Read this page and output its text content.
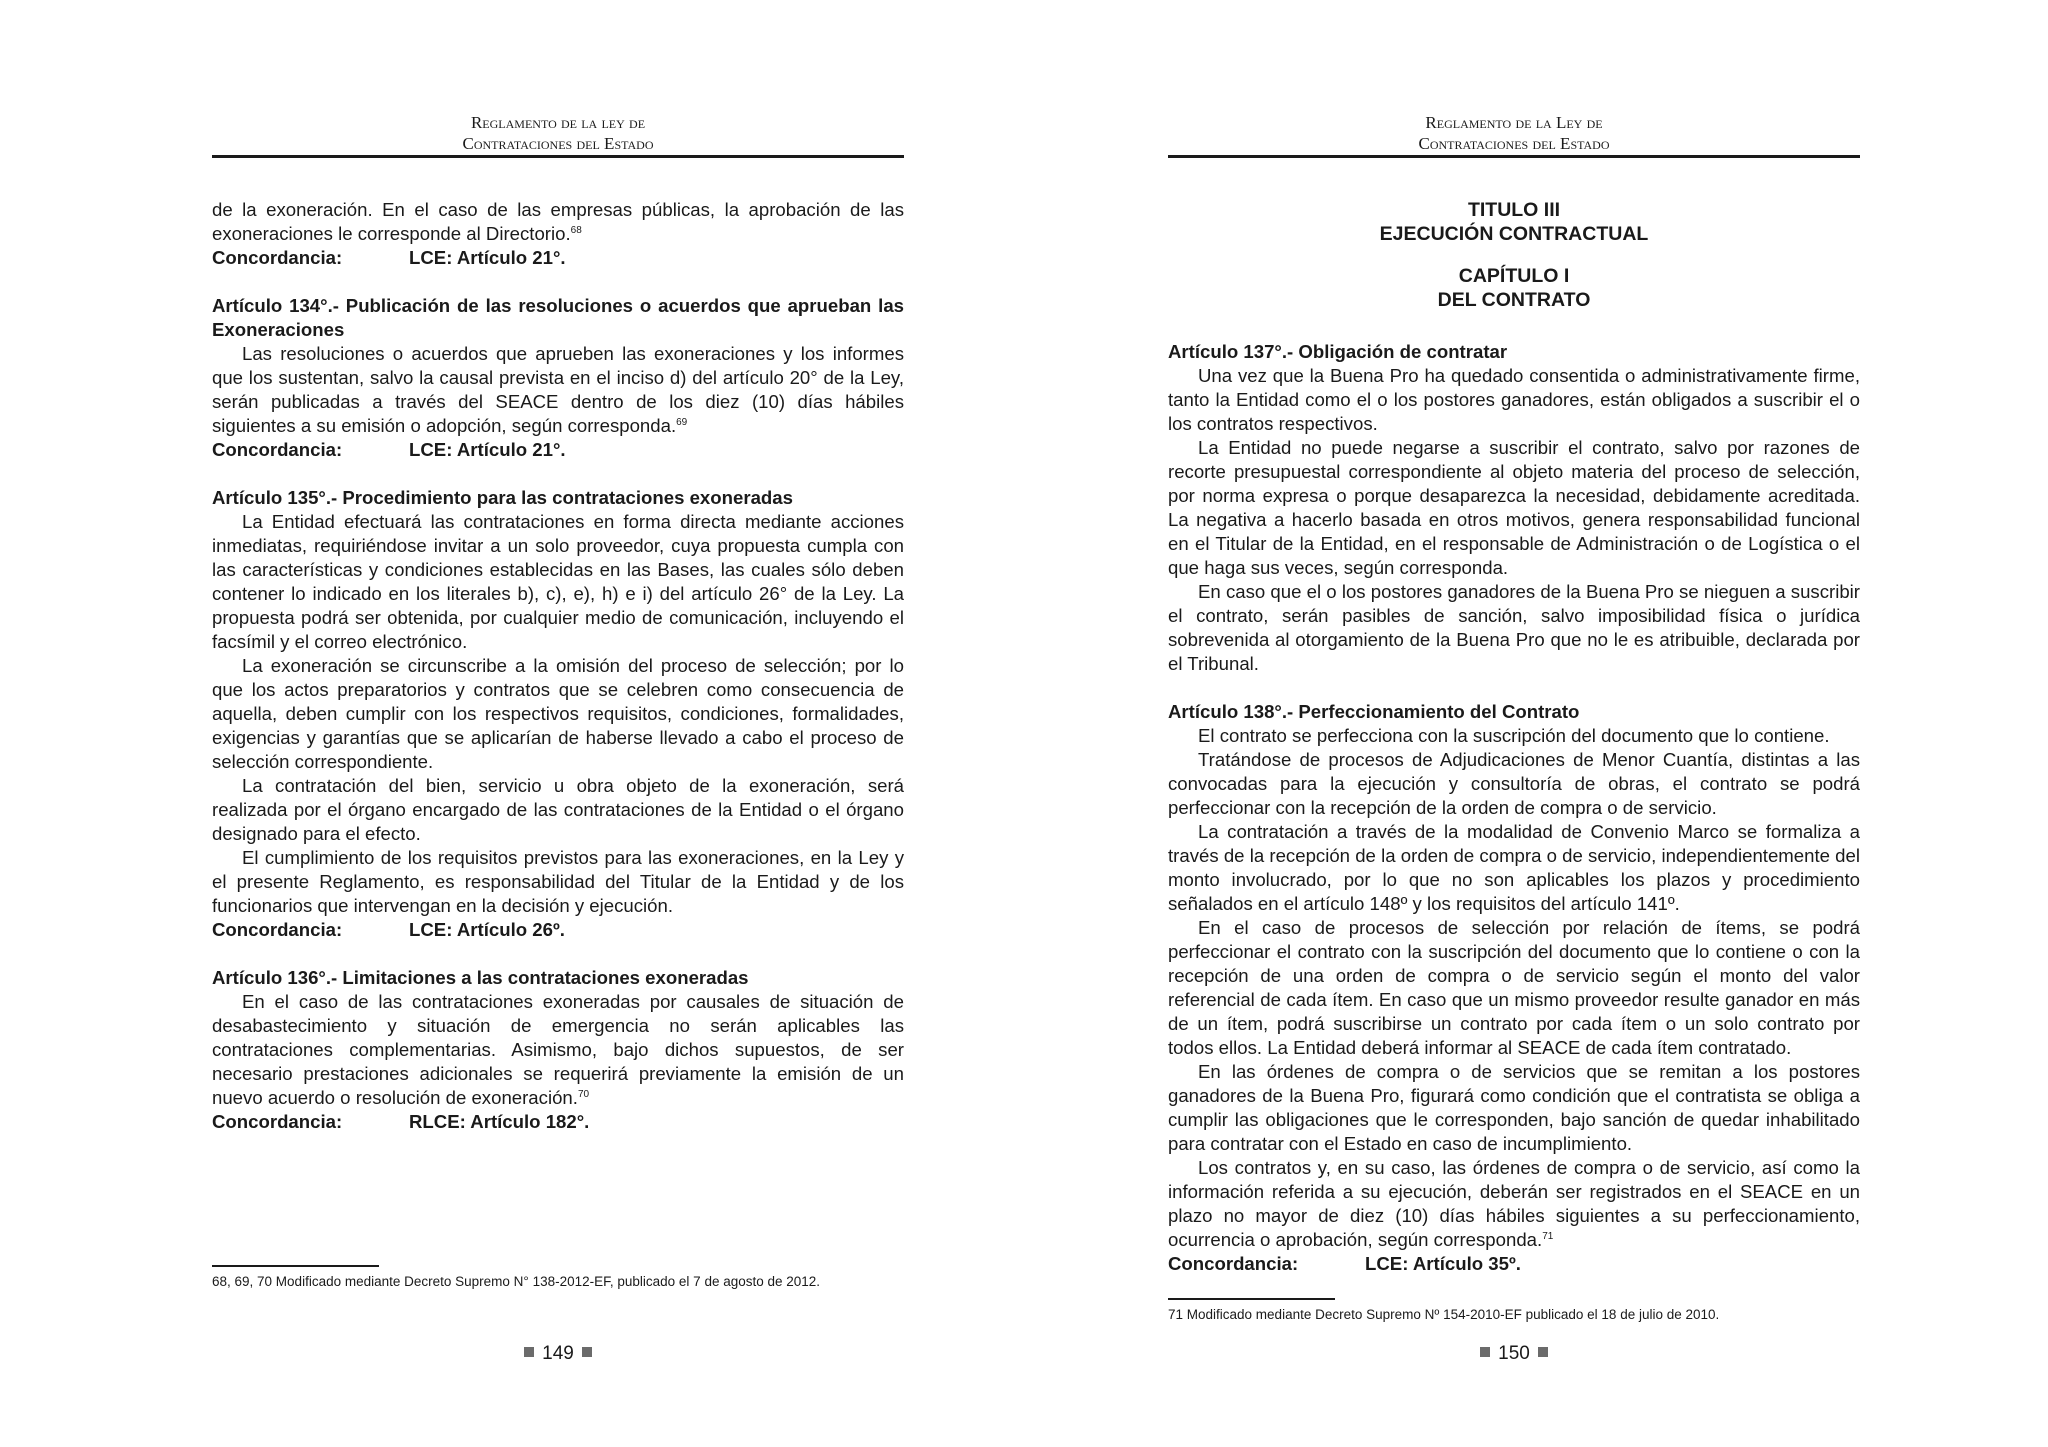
Reglamento de la ley de
Contrataciones del Estado

de la exoneración. En el caso de las empresas públicas, la aprobación de las exoneraciones le corresponde al Directorio.$^{68}$

Concordancia:	LCE: Artículo 21°.
Artículo 134°.- Publicación de las resoluciones o acuerdos que aprueban las Exoneraciones

Las resoluciones o acuerdos que aprueben las exoneraciones y los informes que los sustentan, salvo la causal prevista en el inciso d) del artículo 20° de la Ley, serán publicadas a través del SEACE dentro de los diez (10) días hábiles siguientes a su emisión o adopción, según corresponda.$^{69}$

Concordancia:	LCE: Artículo 21°.
Artículo 135°.- Procedimiento para las contrataciones exoneradas

La Entidad efectuará las contrataciones en forma directa mediante acciones inmediatas, requiriéndose invitar a un solo proveedor, cuya propuesta cumpla con las características y condiciones establecidas en las Bases, las cuales sólo deben contener lo indicado en los literales b), c), e), h) e i) del artículo 26° de la Ley. La propuesta podrá ser obtenida, por cualquier medio de comunicación, incluyendo el facsímil y el correo electrónico.

La exoneración se circunscribe a la omisión del proceso de selección; por lo que los actos preparatorios y contratos que se celebren como consecuencia de aquella, deben cumplir con los respectivos requisitos, condiciones, formalidades, exigencias y garantías que se aplicarían de haberse llevado a cabo el proceso de selección correspondiente.

La contratación del bien, servicio u obra objeto de la exoneración, será realizada por el órgano encargado de las contrataciones de la Entidad o el órgano designado para el efecto.

El cumplimiento de los requisitos previstos para las exoneraciones, en la Ley y el presente Reglamento, es responsabilidad del Titular de la Entidad y de los funcionarios que intervengan en la decisión y ejecución.

Concordancia:	LCE: Artículo 26º.
Artículo 136°.- Limitaciones a las contrataciones exoneradas

En el caso de las contrataciones exoneradas por causales de situación de desabastecimiento y situación de emergencia no serán aplicables las contrataciones complementarias. Asimismo, bajo dichos supuestos, de ser necesario prestaciones adicionales se requerirá previamente la emisión de un nuevo acuerdo o resolución de exoneración.$^{70}$

Concordancia:	RLCE: Artículo 182°.
68, 69, 70 Modificado mediante Decreto Supremo N° 138-2012-EF, publicado el 7 de agosto de 2012.
149
Reglamento de la Ley de
Contrataciones del Estado
TITULO III
EJECUCIÓN CONTRACTUAL
CAPÍTULO I
DEL CONTRATO
Artículo 137°.- Obligación de contratar

Una vez que la Buena Pro ha quedado consentida o administrativamente firme, tanto la Entidad como el o los postores ganadores, están obligados a suscribir el o los contratos respectivos.

La Entidad no puede negarse a suscribir el contrato, salvo por razones de recorte presupuestal correspondiente al objeto materia del proceso de selección, por norma expresa o porque desaparezca la necesidad, debidamente acreditada. La negativa a hacerlo basada en otros motivos, genera responsabilidad funcional en el Titular de la Entidad, en el responsable de Administración o de Logística o el que haga sus veces, según corresponda.

En caso que el o los postores ganadores de la Buena Pro se nieguen a suscribir el contrato, serán pasibles de sanción, salvo imposibilidad física o jurídica sobrevenida al otorgamiento de la Buena Pro que no le es atribuible, declarada por el Tribunal.

Artículo 138°.- Perfeccionamiento del Contrato

El contrato se perfecciona con la suscripción del documento que lo contiene.

Tratándose de procesos de Adjudicaciones de Menor Cuantía, distintas a las convocadas para la ejecución y consultoría de obras, el contrato se podrá perfeccionar con la recepción de la orden de compra o de servicio.

La contratación a través de la modalidad de Convenio Marco se formaliza a través de la recepción de la orden de compra o de servicio, independientemente del monto involucrado, por lo que no son aplicables los plazos y procedimiento señalados en el artículo 148º y los requisitos del artículo 141º.

En el caso de procesos de selección por relación de ítems, se podrá perfeccionar el contrato con la suscripción del documento que lo contiene o con la recepción de una orden de compra o de servicio según el monto del valor referencial de cada ítem. En caso que un mismo proveedor resulte ganador en más de un ítem, podrá suscribirse un contrato por cada ítem o un solo contrato por todos ellos. La Entidad deberá informar al SEACE de cada ítem contratado.

En las órdenes de compra o de servicios que se remitan a los postores ganadores de la Buena Pro, figurará como condición que el contratista se obliga a cumplir las obligaciones que le corresponden, bajo sanción de quedar inhabilitado para contratar con el Estado en caso de incumplimiento.

Los contratos y, en su caso, las órdenes de compra o de servicio, así como la información referida a su ejecución, deberán ser registrados en el SEACE en un plazo no mayor de diez (10) días hábiles siguientes a su perfeccionamiento, ocurrencia o aprobación, según corresponda.$^{71}$

Concordancia:	LCE: Artículo 35º.
71 Modificado mediante Decreto Supremo Nº 154-2010-EF publicado el 18 de julio de 2010.
150
